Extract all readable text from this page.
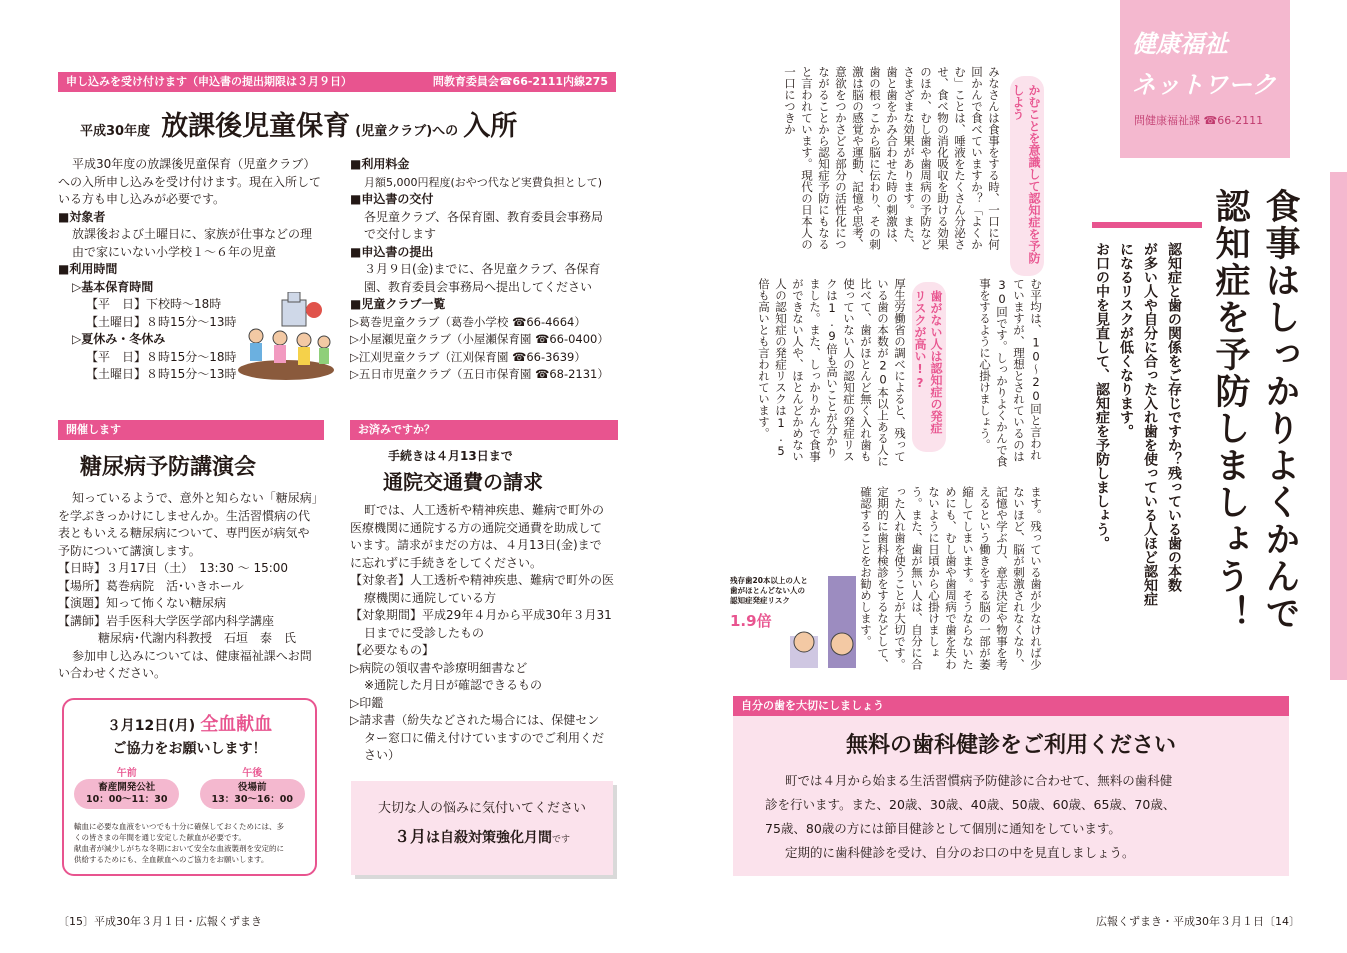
申し込みを受け付けます（申込書の提出期限は３月９日）	問教育委員会☎66-2111内線275
平成30年度 放課後児童保育 (児童クラブ)への 入所
平成30年度の放課後児童保育（児童クラブ）
への入所申し込みを受け付けます。現在入所して
いる方も申し込みが必要です。
■対象者
放課後および土曜日に、家族が仕事などの理
由で家にいない小学校１～６年の児童
■利用時間
▷基本保育時間
【平　日】下校時～18時
【土曜日】８時15分～13時
▷夏休み・冬休み
【平　日】８時15分～18時
【土曜日】８時15分～13時
■利用料金
月額5,000円程度(おやつ代など実費負担として)
■申込書の交付
各児童クラブ、各保育園、教育委員会事務局
で交付します
■申込書の提出
３月９日(金)までに、各児童クラブ、各保育
園、教育委員会事務局へ提出してください
■児童クラブ一覧
▷葛巻児童クラブ（葛巻小学校 ☎66-4664）
▷小屋瀬児童クラブ（小屋瀬保育園 ☎66-0400）
▷江刈児童クラブ（江刈保育園 ☎66-3639）
▷五日市児童クラブ（五日市保育園 ☎68-2131）
開催します
糖尿病予防講演会
知っているようで、意外と知らない「糖尿病」
を学ぶきっかけにしませんか。生活習慣病の代
表ともいえる糖尿病について、専門医が病気や
予防について講演します。
【日時】３月17日（土）　13:30 ～ 15:00
【場所】葛巻病院　活･いきホール
【演題】知って怖くない糖尿病
【講師】岩手医科大学医学部内科学講座
糖尿病･代謝内科教授　石垣　泰　氏
参加申し込みについては、健康福祉課へお問
い合わせください。
３月12日(月) 全血献血
ご協力をお願いします！
午前
畜産開発公社
10：00～11：30
午後
役場前
13：30～16：00
輸血に必要な血液をいつでも十分に確保しておくためには、多
くの皆さまの年間を通じ安定した献血が必要です。
献血者が減少しがちな冬期において安全な血液製剤を安定的に
供給するためにも、全血献血へのご協力をお願いします。
お済みですか？
手続きは４月13日まで
通院交通費の請求
町では、人工透析や精神疾患、難病で町外の
医療機関に通院する方の通院交通費を助成して
います。請求がまだの方は、４月13日(金)まで
に忘れずに手続きをしてください。
【対象者】人工透析や精神疾患、難病で町外の医
療機関に通院している方
【対象期間】平成29年４月から平成30年３月31
日までに受診したもの
【必要なもの】
▷病院の領収書や診療明細書など
※通院した月日が確認できるもの
▷印鑑
▷請求書（紛失などされた場合には、保健セン
ター窓口に備え付けていますのでご利用くだ
さい）
大切な人の悩みに気付いてください
３月は自殺対策強化月間です
〔15〕平成30年３月１日・広報くずまき
健康福祉
ネットワーク
問健康福祉課 ☎66-2111
食事はしっかりよくかんで認知症を予防しましょう！
認知症と歯の関係をご存じですか？残っている歯の本数
が多い人や自分に合った入れ歯を使っている人ほど認知症
になるリスクが低くなります。
お口の中を見直して、認知症を予防しましょう。
かむことを意識して認知症を予防しよう
みなさんは食事をする時、一口に何回かんで食べていますか？「よくかむ」ことは、唾液をたくさん分泌させ、食べ物の消化吸収を助ける効果のほか、むし歯や歯周病の予防などさまざまな効果があります。また、歯と歯をかみ合わせた時の刺激は、歯の根っこから脳に伝わり、その刺激は脳の感覚や運動、記憶や思考、意欲をつかさどる部分の活性化につながることから認知症予防にもなると言われています。現代の日本人の一口につきか
む平均は、10～20回と言われていますが、理想とされているのは30回です。しっかりよくかんで食事をするように心掛けましょう。
歯がない人は認知症の発症リスクが高い!?
厚生労働省の調べによると、残っている歯の本数が20本以上ある人に比べて、歯がほとんど無く入れ歯も使っていない人の認知症の発症リスクは1.9倍も高いことが分かりました。また、しっかりかんで食事ができない人や、ほとんどかめない人の認知症の発症リスクは1.5倍も高いとも言われています。
ます。残っている歯が少なければ少ないほど、脳が刺激されなくなり、記憶や学ぶ力、意志決定や物事を考えるという働きをする脳の一部が萎縮してしまいます。そうならないためにも、むし歯や歯周病で歯を失わないように日頃から心掛けましょう。また、歯が無い人は、自分に合った入れ歯を使うことが大切です。定期的に歯科検診をするなどして、確認することをお勧めします。
残存歯20本以上の人と
歯がほとんどない人の
認知症発症リスク
1.9倍
自分の歯を大切にしましょう
無料の歯科健診をご利用ください
町では４月から始まる生活習慣病予防健診に合わせて、無料の歯科健
診を行います。また、20歳、30歳、40歳、50歳、60歳、65歳、70歳、
75歳、80歳の方には節目健診として個別に通知をしています。
定期的に歯科健診を受け、自分のお口の中を見直しましょう。
広報くずまき・平成30年３月１日〔14〕
